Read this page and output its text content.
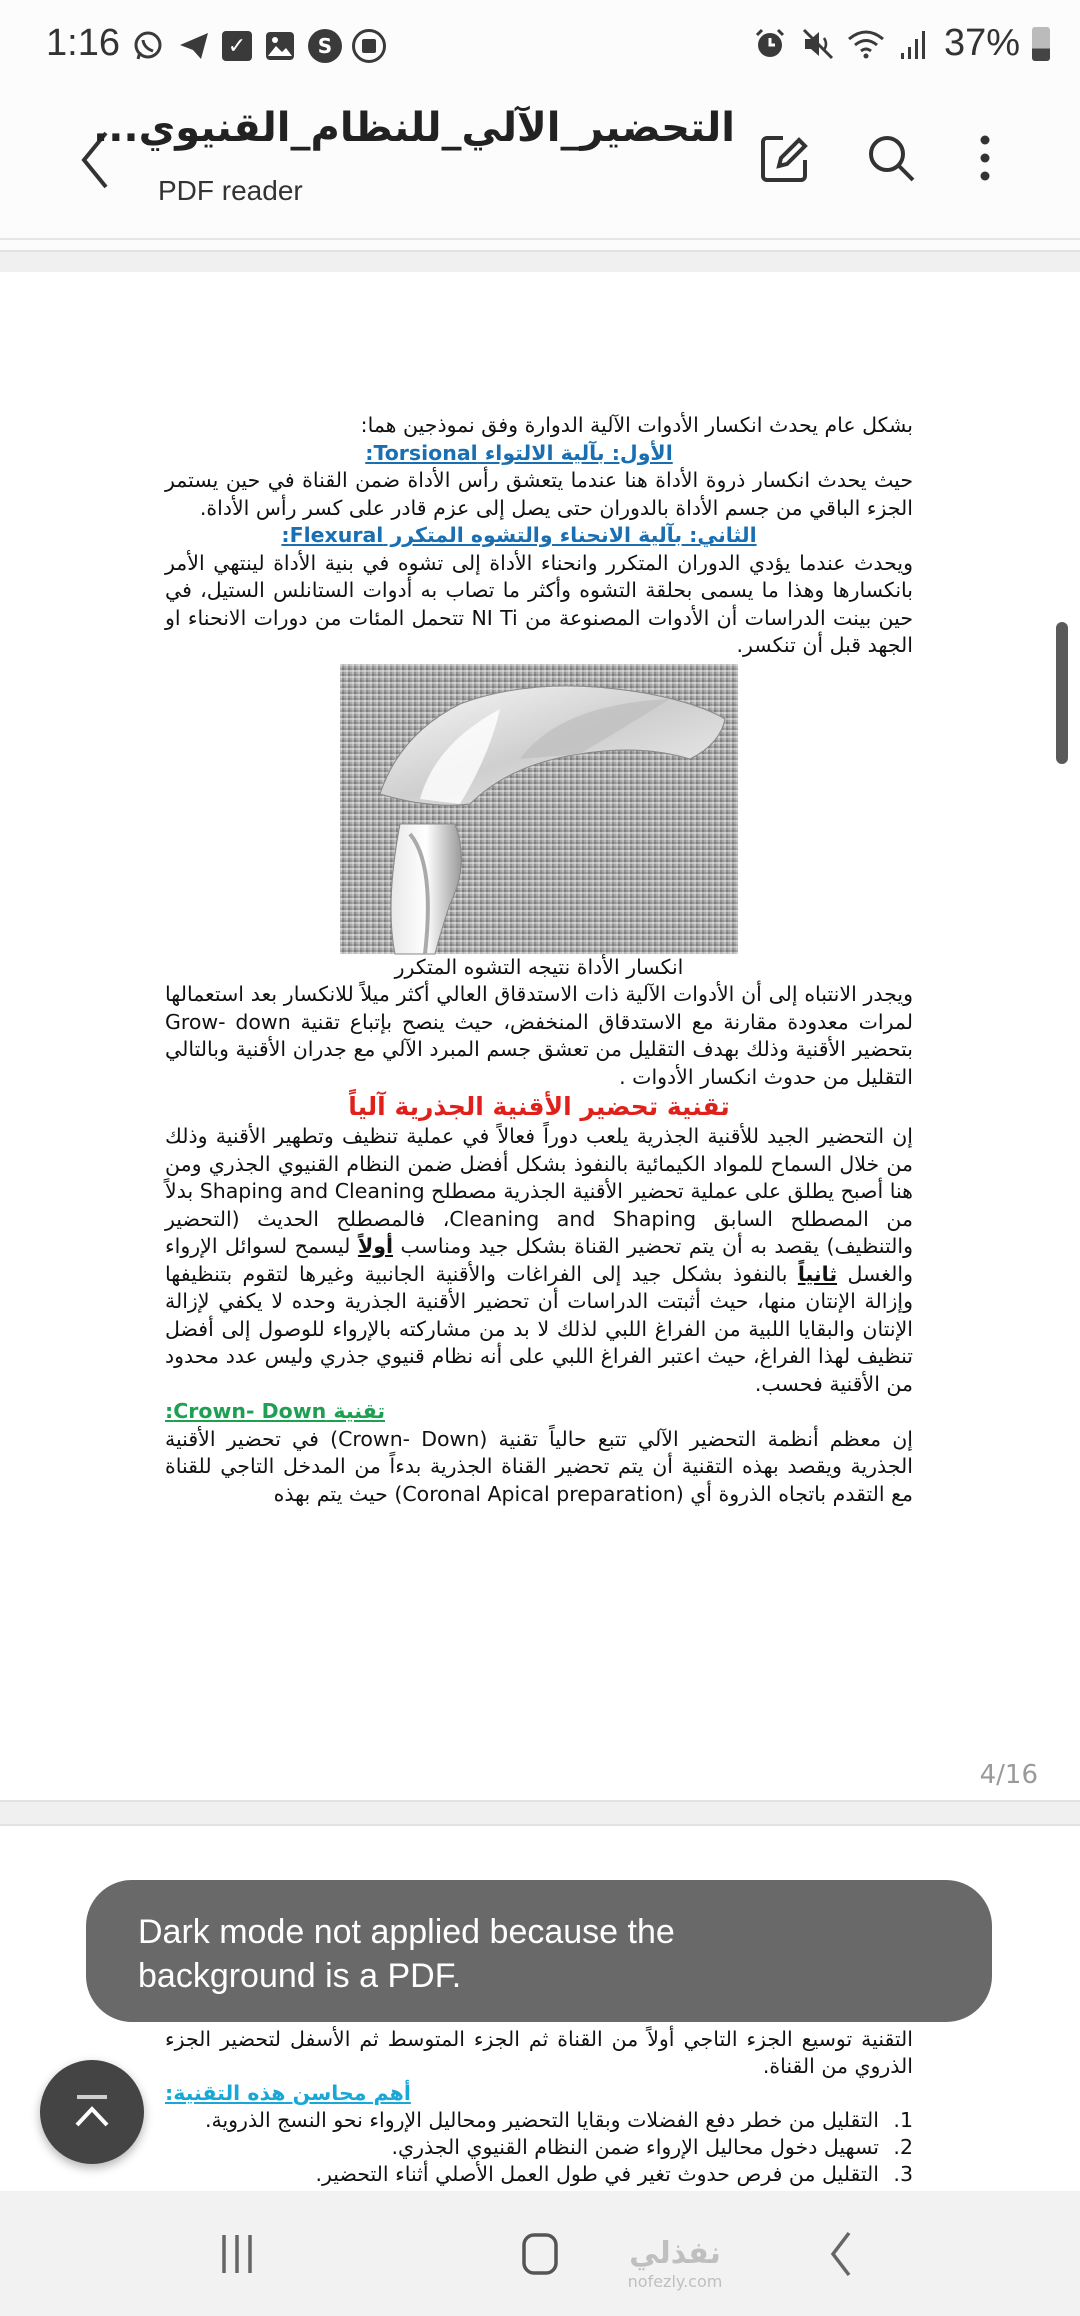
1:16	✓	S	37%
التحضير_الآلي_للنظام_القنيوي...
PDF reader

بشكل عام يحدث انكسار الأدوات الآلية الدوارة وفق نموذجين هما:

الأول: بآلية الالتواء Torsional:

حيث يحدث انكسار ذروة الأداة هنا عندما يتعشق رأس الأداة ضمن القناة في حين يستمر الجزء الباقي من جسم الأداة بالدوران حتى يصل إلى عزم قادر على كسر رأس الأداة.

الثاني: بآلية الانحناء والتشوه المتكرر Flexural:

ويحدث عندما يؤدي الدوران المتكرر وانحناء الأداة إلى تشوه في بنية الأداة لينتهي الأمر بانكسارها وهذا ما يسمى بحلقة التشوه وأكثر ما تصاب به أدوات الستانلس الستيل، في حين بينت الدراسات أن الأدوات المصنوعة من NI Ti تتحمل المئات من دورات الانحناء او الجهد قبل أن تنكسر.

انكسار الأداة نتيجه التشوه المتكرر

ويجدر الانتباه إلى أن الأدوات الآلية ذات الاستدقاق العالي أكثر ميلاً للانكسار بعد استعمالها لمرات معدودة مقارنة مع الاستدقاق المنخفض، حيث ينصح بإتباع تقنية Grow- down بتحضير الأقنية وذلك بهدف التقليل من تعشق جسم المبرد الآلي مع جدران الأقنية وبالتالي التقليل من حدوث انكسار الأدوات .

تقنية تحضير الأقنية الجذرية آلياً

إن التحضير الجيد للأقنية الجذرية يلعب دوراً فعالاً في عملية تنظيف وتطهير الأقنية وذلك من خلال السماح للمواد الكيمائية بالنفوذ بشكل أفضل ضمن النظام القنيوي الجذري ومن هنا أصبح يطلق على عملية تحضير الأقنية الجذرية مصطلح Shaping and Cleaning بدلاً من المصطلح السابق Cleaning and Shaping، فالمصطلح الحديث (التحضير والتنظيف) يقصد به أن يتم تحضير القناة بشكل جيد ومناسب أولاً ليسمح لسوائل الإرواء والغسل ثانياً بالنفوذ بشكل جيد إلى الفراغات والأقنية الجانبية وغيرها لتقوم بتنظيفها وإزالة الإنتان منها، حيث أثبتت الدراسات أن تحضير الأقنية الجذرية وحده لا يكفي لإزالة الإنتان والبقايا اللبية من الفراغ اللبي لذلك لا بد من مشاركته بالإرواء للوصول إلى أفضل تنظيف لهذا الفراغ، حيث اعتبر الفراغ اللبي على أنه نظام قنيوي جذري وليس عدد محدود من الأقنية فحسب.

تقنية Crown- Down:

إن معظم أنظمة التحضير الآلي تتبع حالياً تقنية (Crown- Down) في تحضير الأقنية الجذرية ويقصد بهذه التقنية أن يتم تحضير القناة الجذرية بدءاً من المدخل التاجي للقناة مع التقدم باتجاه الذروة أي (Coronal Apical preparation) حيث يتم بهذه

4/16

التقنية توسيع الجزء التاجي أولاً من القناة ثم الجزء المتوسط ثم الأسفل لتحضير الجزء الذروي من القناة.

أهم محاسن هذه التقنية:

1.
التقليل من خطر دفع الفضلات وبقايا التحضير ومحاليل الإرواء نحو النسج الذروية.
2.
تسهيل دخول محاليل الإرواء ضمن النظام القنيوي الجذري.
3.
التقليل من فرص حدوث تغير في طول العمل الأصلي أثناء التحضير.
Dark mode not applied because the background is a PDF.
نفذلي
nofezly.com
